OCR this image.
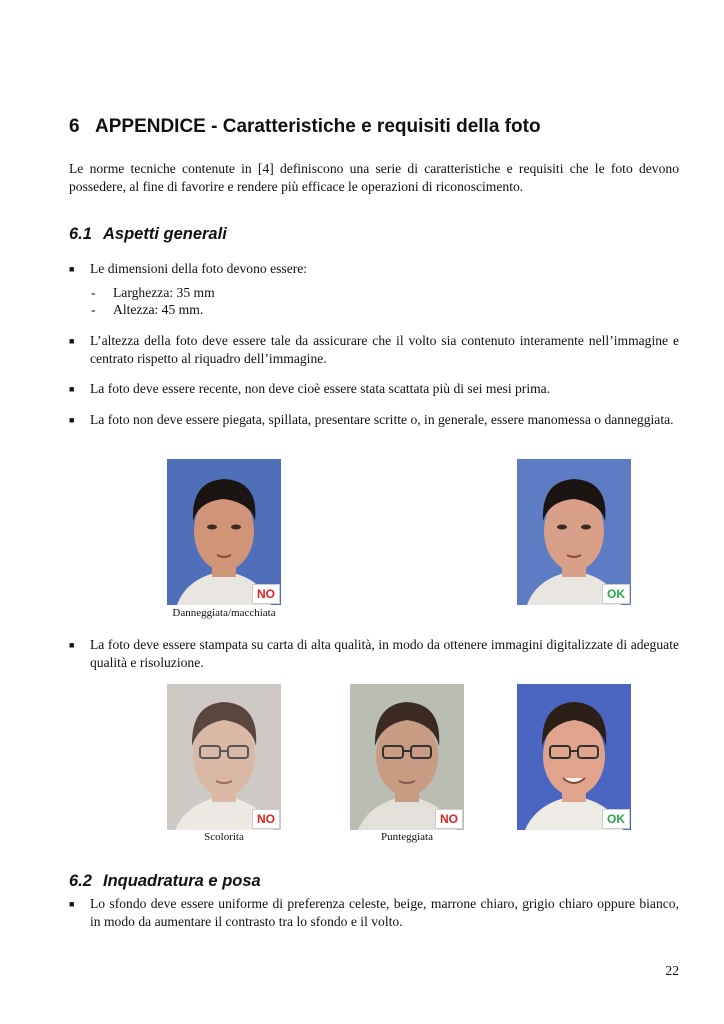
6 APPENDICE - Caratteristiche e requisiti della foto

Le norme tecniche contenute in [4] definiscono una serie di caratteristiche e requisiti che le foto devono possedere, al fine di favorire e rendere più efficace le operazioni di riconoscimento.

6.1 Aspetti generali
■ Le dimensioni della foto devono essere:
- Larghezza: 35 mm
- Altezza: 45 mm.
■ L’altezza della foto deve essere tale da assicurare che il volto sia contenuto interamente nell’immagine e centrato rispetto al riquadro dell’immagine.
■ La foto deve essere recente, non deve cioè essere stata scattata più di sei mesi prima.
■ La foto non deve essere piegata, spillata, presentare scritte o, in generale, essere manomessa o danneggiata.
NO
Danneggiata/macchiata
OK
■ La foto deve essere stampata su carta di alta qualità, in modo da ottenere immagini digitalizzate di adeguate qualità e risoluzione.
NO
Scolorita
NO
Punteggiata
OK
6.2 Inquadratura e posa
■ Lo sfondo deve essere uniforme di preferenza celeste, beige, marrone chiaro, grigio chiaro oppure bianco, in modo da aumentare il contrasto tra lo sfondo e il volto.
22
